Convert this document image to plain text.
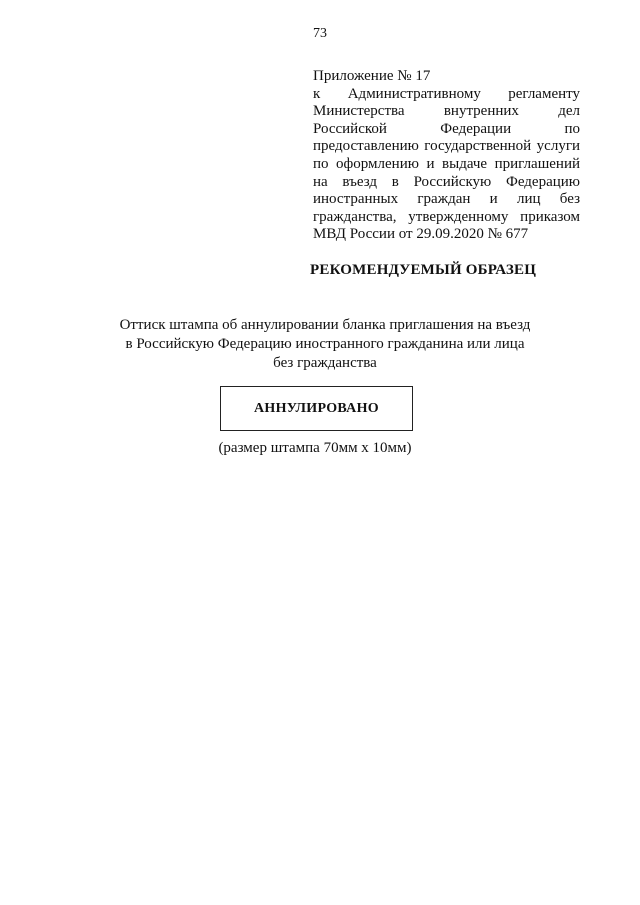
73
Приложение № 17
к Административному регламенту Министерства внутренних дел Российской Федерации по предоставлению государственной услуги по оформлению и выдаче приглашений на въезд в Российскую Федерацию иностранных граждан и лиц без гражданства, утвержденному приказом МВД России от 29.09.2020 № 677
РЕКОМЕНДУЕМЫЙ ОБРАЗЕЦ
Оттиск штампа об аннулировании бланка приглашения на въезд
в Российскую Федерацию иностранного гражданина или лица
без гражданства
АННУЛИРОВАНО
(размер штампа 70мм х 10мм)
